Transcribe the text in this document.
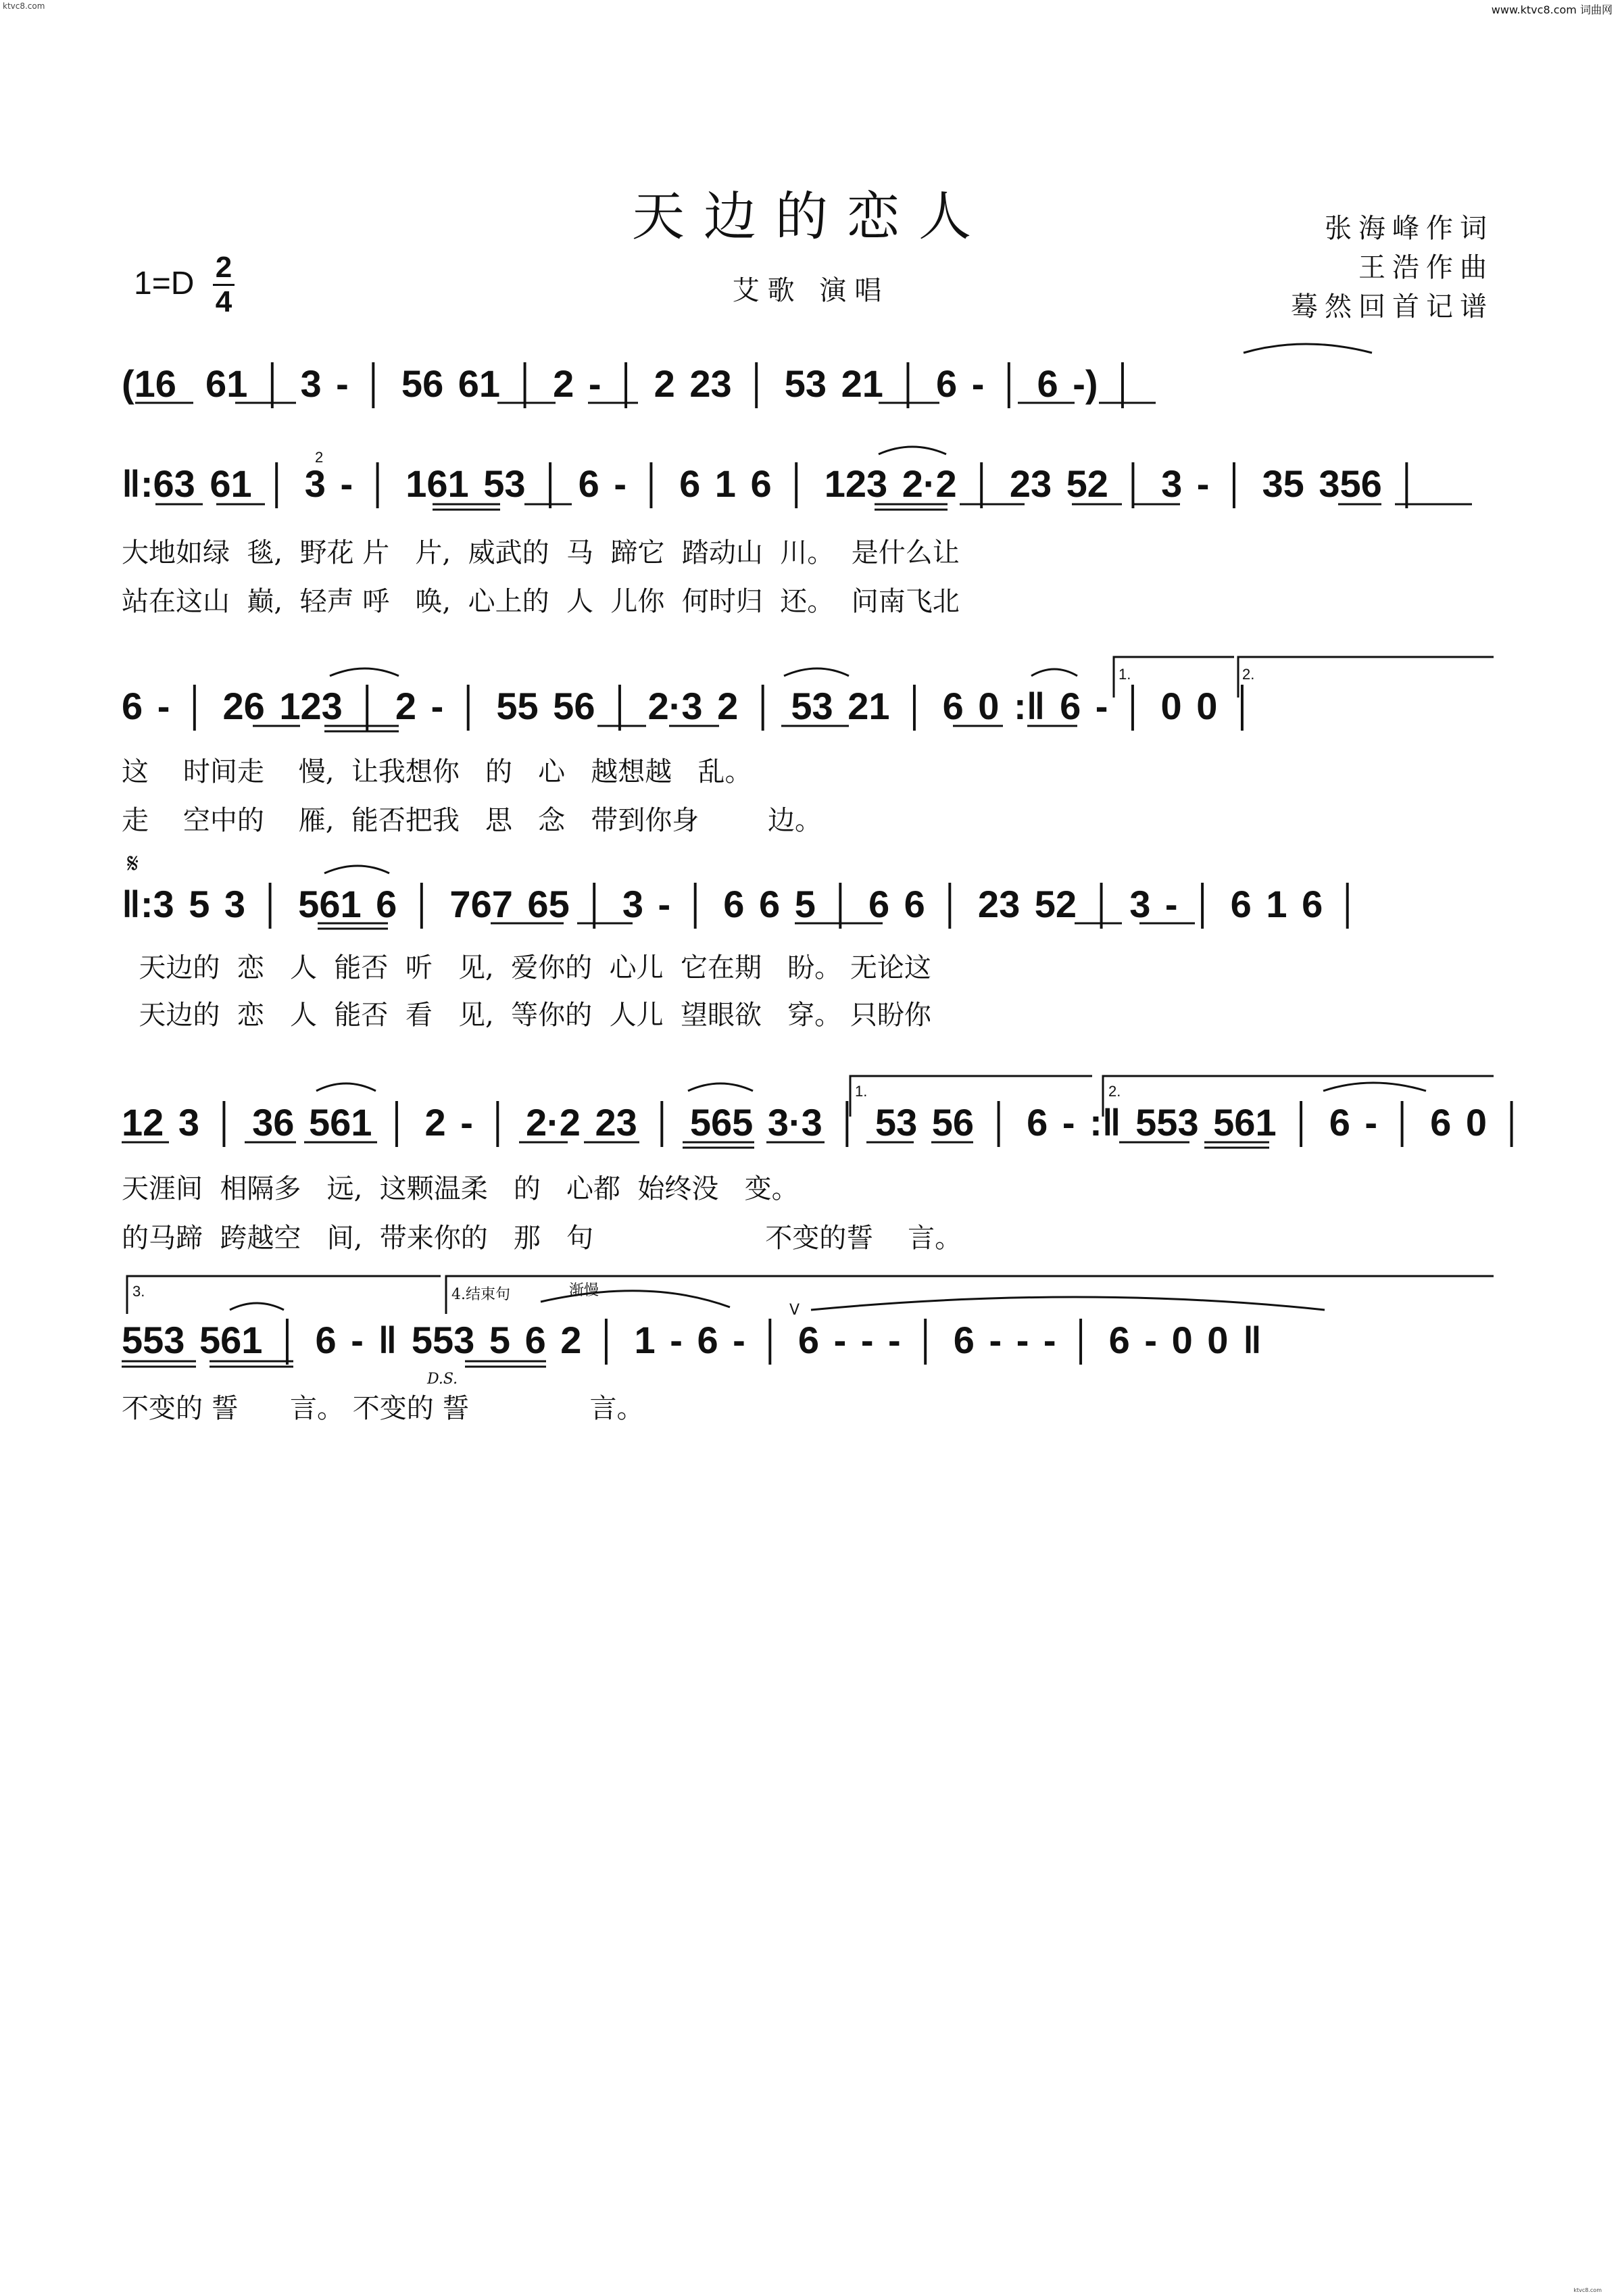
ktvc8.com	www.ktvc8.com 词曲网
ktvc8.com
天边的恋人
艾歌 演唱
1=D 2
4
张海峰作词
王浩作曲
蓦然回首记谱
(16  61 │ 3 - │ 56 61 │ 2 - │ 2 23 │ 53 21 │ 6 - │ 6 -) │
‖:63 61 │ 3 - │ 161 53 │ 6 - │ 6 1 6 │ 123 2·2 │ 23 52 │ 3 - │ 35 356 │
大地如绿  毯,  野花 片   片,  威武的  马  蹄它  踏动山  川。  是什么让
站在这山  巅,  轻声 呼   唤,  心上的  人  儿你  何时归  还。  问南飞北
2
6 - │ 26 123 │ 2 - │ 55 56 │ 2·3 2 │ 53 21 │ 6 0 :‖ 6 - │ 0 0 │
这    时间走    慢,  让我想你   的   心   越想越   乱。
走    空中的    雁,  能否把我   思   念   带到你身        边。
1.	2.
𝄋
‖:3 5 3 │ 561 6 │ 767 65 │ 3 - │ 6 6 5 │ 6 6 │ 23 52 │ 3 - │ 6 1 6 │
天边的  恋   人  能否  听   见,  爱你的  心儿  它在期   盼。 无论这
天边的  恋   人  能否  看   见,  等你的  人儿  望眼欲   穿。 只盼你
12 3 │ 36 561 │ 2 - │ 2·2 23 │ 565 3·3 │ 53 56 │ 6 - :‖ 553 561 │ 6 - │ 6 0 │
天涯间  相隔多   远,  这颗温柔   的   心都  始终没   变。
的马蹄  跨越空   间,  带来你的   那   句                    不变的誓    言。
1.	2.
553 561 │ 6 - ‖ 553 5 6 2 │ 1 - 6 - │ 6 - - - │ 6 - - - │ 6 - 0 0 ‖
不变的 誓      言。 不变的 誓              言。
3.	4.结束句	渐慢
D.S.
V
